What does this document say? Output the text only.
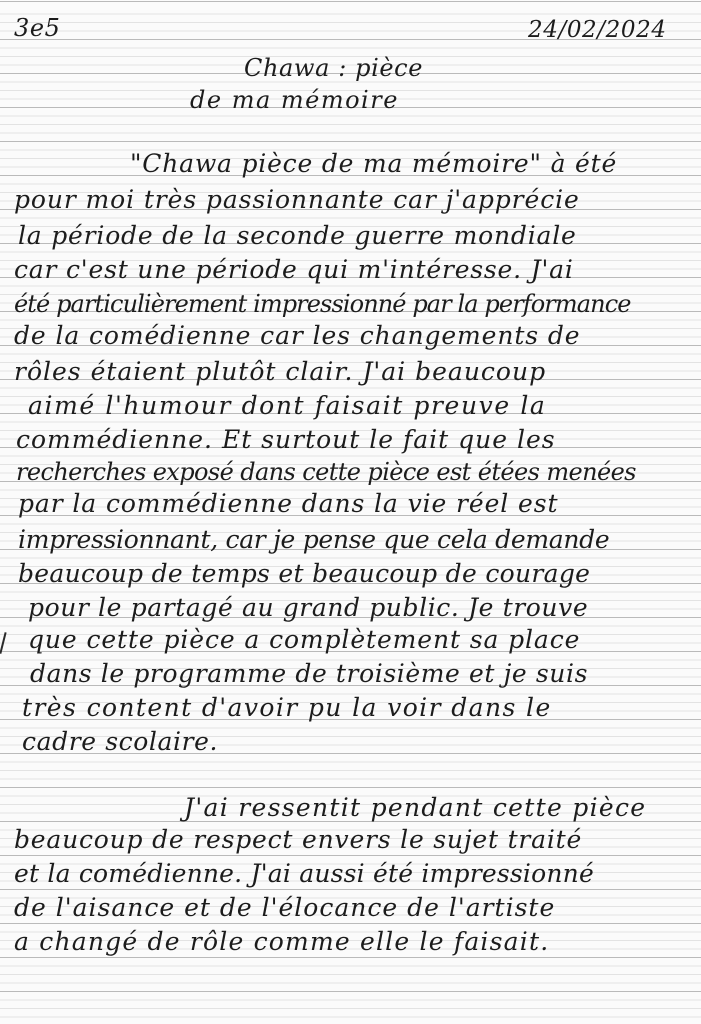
3e5	24/02/2024
Chawa : pièce
de ma mémoire
"Chawa pièce de ma mémoire" à été
pour moi très passionnante car j'apprécie
la période de la seconde guerre mondiale
car c'est une période qui m'intéresse. J'ai
été particulièrement impressionné par la performance
de la comédienne car les changements de
rôles étaient plutôt clair. J'ai beaucoup
aimé l'humour dont faisait preuve la
commédienne. Et surtout le fait que les
recherches exposé dans cette pièce est étées menées
par la commédienne dans la vie réel est
impressionnant, car je pense que cela demande
beaucoup de temps et beaucoup de courage
pour le partagé au grand public. Je trouve
que cette pièce a complètement sa place
dans le programme de troisième et je suis
très content d'avoir pu la voir dans le
cadre scolaire.
J'ai ressentit pendant cette pièce
beaucoup de respect envers le sujet traité
et la comédienne. J'ai aussi été impressionné
de l'aisance et de l'élocance de l'artiste
a changé de rôle comme elle le faisait.
